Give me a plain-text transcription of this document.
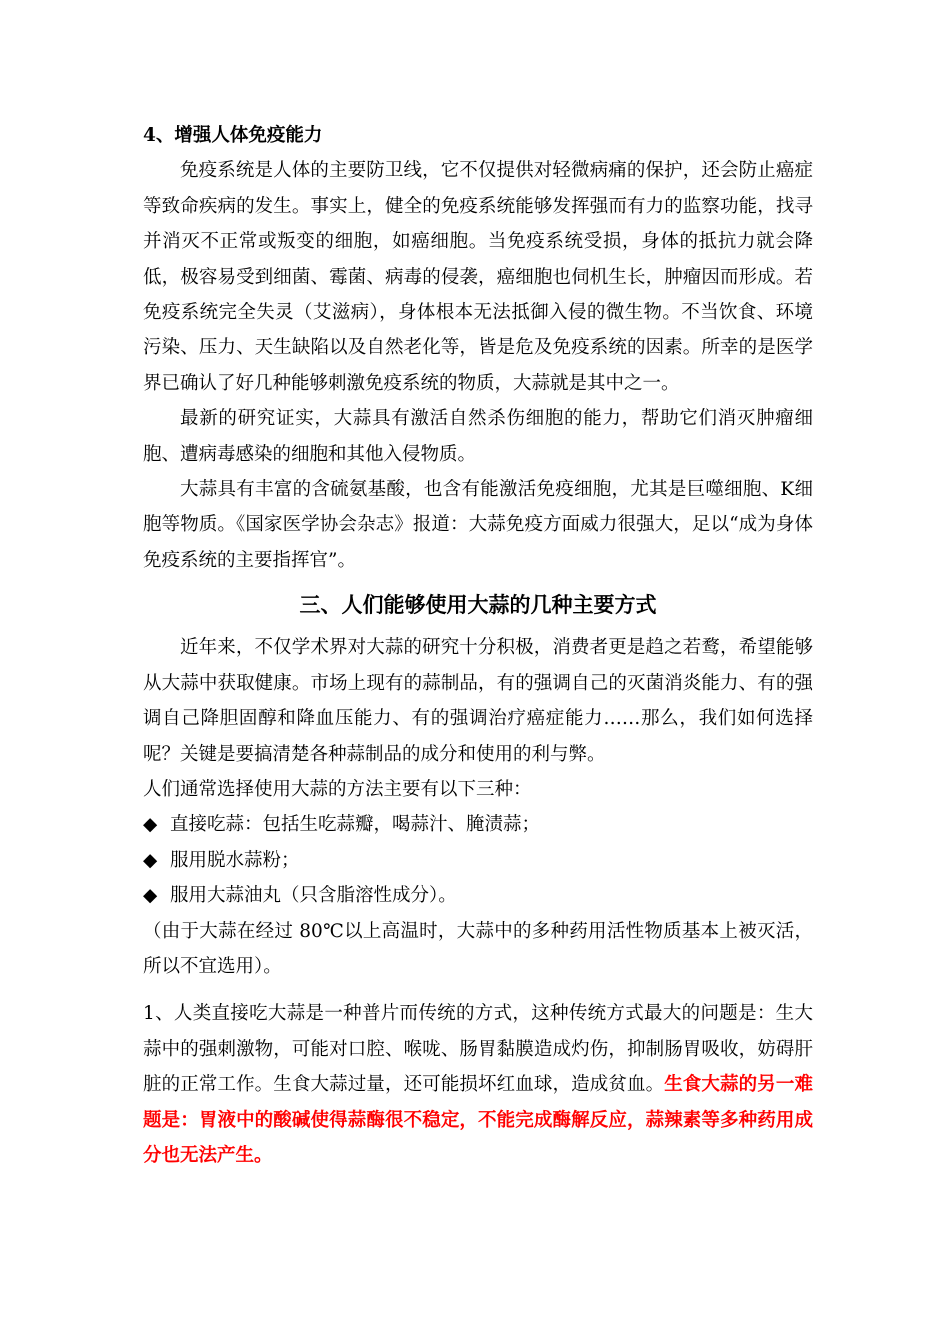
4、增强人体免疫能力

免疫系统是人体的主要防卫线，它不仅提供对轻微病痛的保护，还会防止癌症等致命疾病的发生。事实上，健全的免疫系统能够发挥强而有力的监察功能，找寻并消灭不正常或叛变的细胞，如癌细胞。当免疫系统受损，身体的抵抗力就会降低，极容易受到细菌、霉菌、病毒的侵袭，癌细胞也伺机生长，肿瘤因而形成。若免疫系统完全失灵（艾滋病），身体根本无法抵御入侵的微生物。不当饮食、环境污染、压力、天生缺陷以及自然老化等，皆是危及免疫系统的因素。所幸的是医学界已确认了好几种能够刺激免疫系统的物质，大蒜就是其中之一。

最新的研究证实，大蒜具有激活自然杀伤细胞的能力，帮助它们消灭肿瘤细胞、遭病毒感染的细胞和其他入侵物质。

大蒜具有丰富的含硫氨基酸，也含有能激活免疫细胞，尤其是巨噬细胞、K细胞等物质。《国家医学协会杂志》报道：大蒜免疫方面威力很强大，足以“成为身体免疫系统的主要指挥官”。

三、人们能够使用大蒜的几种主要方式

近年来，不仅学术界对大蒜的研究十分积极，消费者更是趋之若鹜，希望能够从大蒜中获取健康。市场上现有的蒜制品，有的强调自己的灭菌消炎能力、有的强调自己降胆固醇和降血压能力、有的强调治疗癌症能力……那么，我们如何选择呢？关键是要搞清楚各种蒜制品的成分和使用的利与弊。

人们通常选择使用大蒜的方法主要有以下三种：

◆ 直接吃蒜：包括生吃蒜瓣，喝蒜汁、腌渍蒜；

◆ 服用脱水蒜粉；

◆ 服用大蒜油丸（只含脂溶性成分）。

（由于大蒜在经过 80℃以上高温时，大蒜中的多种药用活性物质基本上被灭活，所以不宜选用）。

1、人类直接吃大蒜是一种普片而传统的方式，这种传统方式最大的问题是：生大蒜中的强刺激物，可能对口腔、喉咙、肠胃黏膜造成灼伤，抑制肠胃吸收，妨碍肝脏的正常工作。生食大蒜过量，还可能损坏红血球，造成贫血。生食大蒜的另一难题是：胃液中的酸碱使得蒜酶很不稳定，不能完成酶解反应，蒜辣素等多种药用成分也无法产生。
